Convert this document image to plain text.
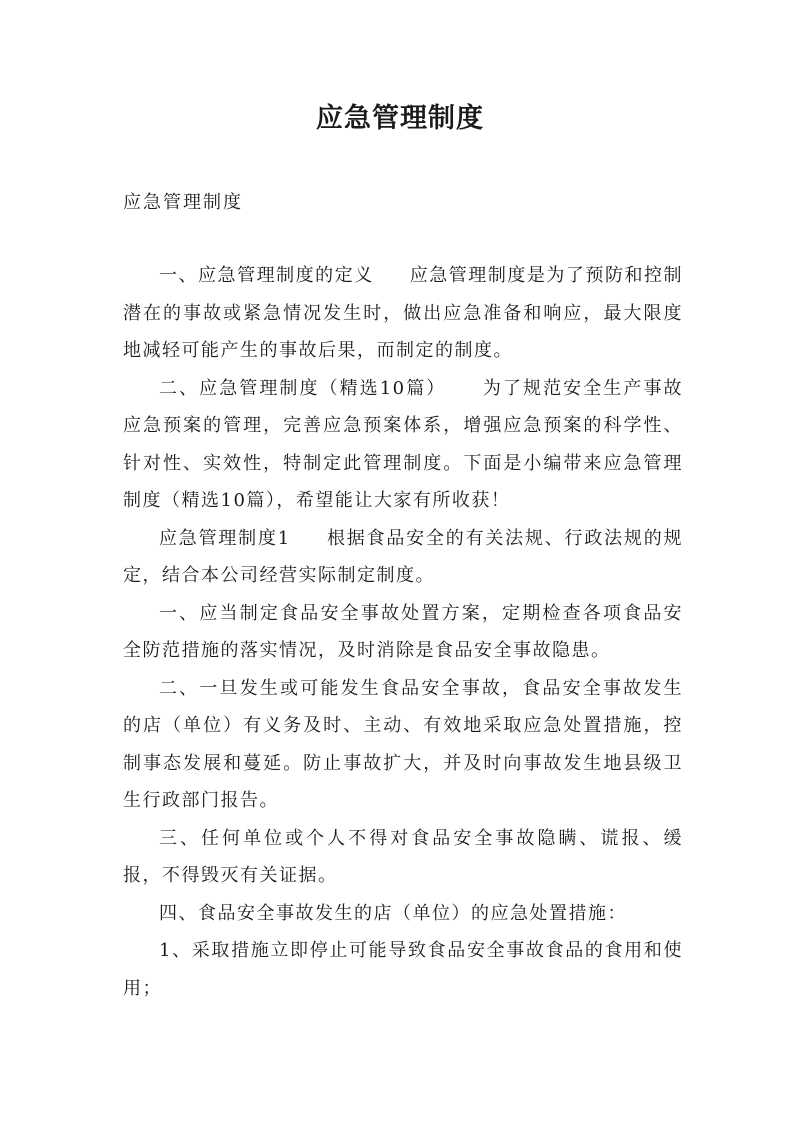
应急管理制度

应急管理制度

一、应急管理制度的定义 应急管理制度是为了预防和控制潜在的事故或紧急情况发生时，做出应急准备和响应，最大限度地减轻可能产生的事故后果，而制定的制度。

二、应急管理制度（精选10篇） 为了规范安全生产事故应急预案的管理，完善应急预案体系，增强应急预案的科学性、针对性、实效性，特制定此管理制度。下面是小编带来应急管理制度（精选10篇），希望能让大家有所收获！

应急管理制度1 根据食品安全的有关法规、行政法规的规定，结合本公司经营实际制定制度。

一、应当制定食品安全事故处置方案，定期检查各项食品安全防范措施的落实情况，及时消除是食品安全事故隐患。

二、一旦发生或可能发生食品安全事故，食品安全事故发生的店（单位）有义务及时、主动、有效地采取应急处置措施，控制事态发展和蔓延。防止事故扩大，并及时向事故发生地县级卫生行政部门报告。

三、任何单位或个人不得对食品安全事故隐瞒、谎报、缓报，不得毁灭有关证据。

四、食品安全事故发生的店（单位）的应急处置措施：

1、采取措施立即停止可能导致食品安全事故食品的食用和使用；
